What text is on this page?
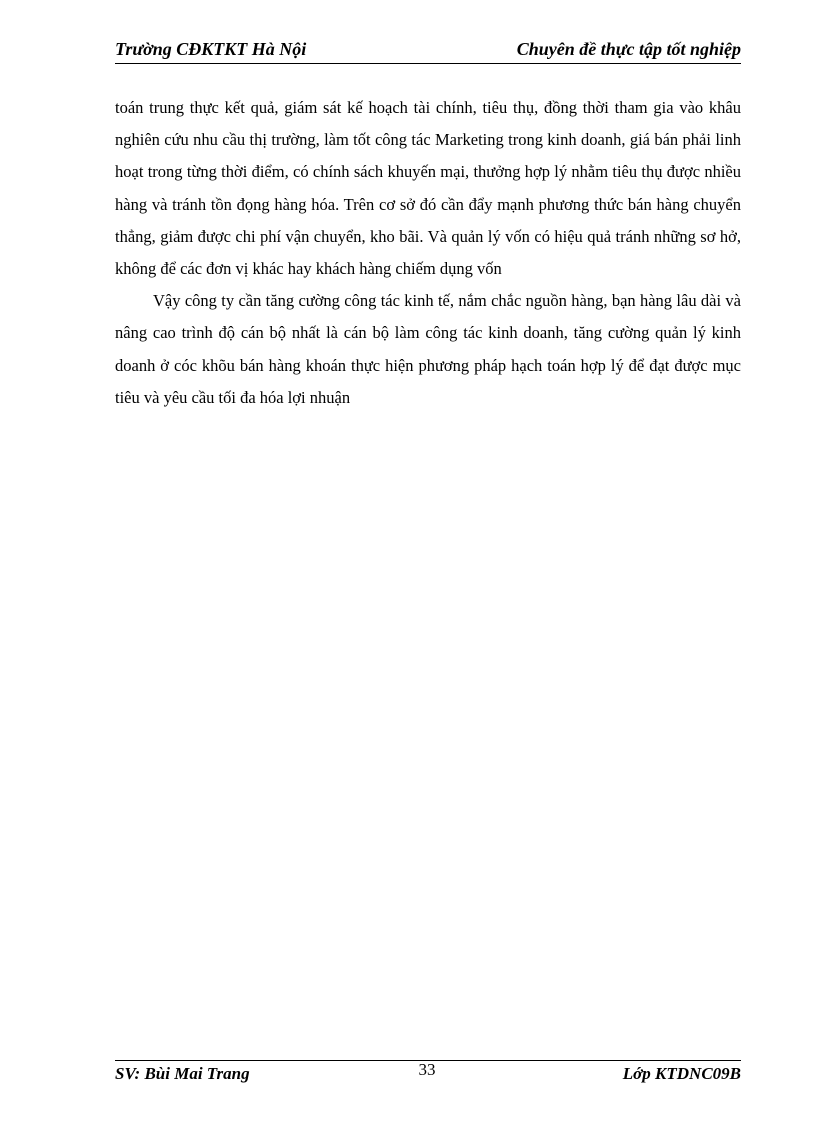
Trường CĐKTKT Hà Nội	Chuyên đề thực tập tốt nghiệp

toán trung thực kết quả, giám sát kế hoạch tài chính, tiêu thụ, đồng thời tham gia vào khâu nghiên cứu nhu cầu thị trường, làm tốt công tác Marketing trong kinh doanh, giá bán phải linh hoạt trong từng thời điểm, có chính sách khuyến mại, thưởng hợp lý nhằm tiêu thụ được nhiều hàng và tránh tồn đọng hàng hóa. Trên cơ sở đó cần đẩy mạnh phương thức bán hàng chuyển thẳng, giảm được chi phí vận chuyển, kho bãi. Và quản lý vốn có hiệu quả tránh những sơ hở, không để các đơn vị khác hay khách hàng chiếm dụng vốn

Vậy công ty cần tăng cường công tác kinh tế, nắm chắc nguồn hàng, bạn hàng lâu dài và nâng cao trình độ cán bộ nhất là cán bộ làm công tác kinh doanh, tăng cường quản lý kinh doanh ở cóc khõu bán hàng khoán thực hiện phương pháp hạch toán hợp lý để đạt được mục tiêu và yêu cầu tối đa hóa lợi nhuận

SV: Bùi Mai Trang	33	Lớp KTDNC09B
